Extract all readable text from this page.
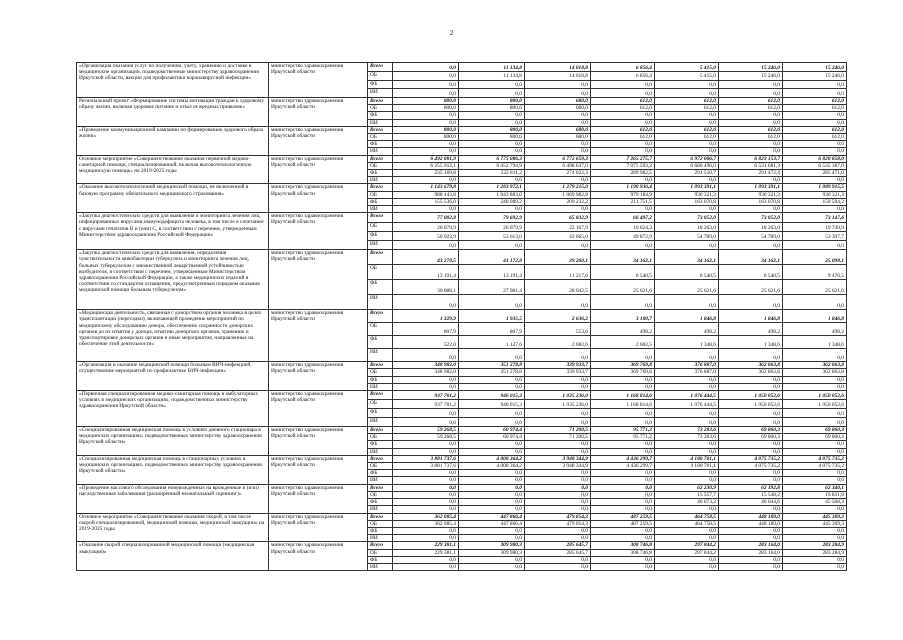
2
«Организация оказания услуг по получению, учету, хранению и доставке в медицинские организации, подведомственные министерству здравоохранения Иркутской области, вакцин для профилактики коронавирусной инфекции»	министерство здравоохранения Иркутской области	Всего	0,0	11 134,8	14 018,8	6 856,4	5 415,0	15 246,0	15 246,0
		ОБ	0,0	11 134,8	14 018,8	6 856,4	5 415,0	15 246,0	15 246,0
		ФБ	0,0	0,0	0,0	0,0	0,0	0,0	0,0
		ИИ	0,0	0,0	0,0	0,0	0,0	0,0	0,0
Региональный проект «Формирование системы мотивации граждан к здоровому образу жизни, включая здоровое питание и отказ от вредных привычек»	министерство здравоохранения Иркутской области	Всего	800,0	800,0	680,0	612,0	612,0	612,0	612,0
		ОБ	800,0	800,0	680,0	612,0	612,0	612,0	612,0
		ФБ	0,0	0,0	0,0	0,0	0,0	0,0	0,0
		ИИ	0,0	0,0	0,0	0,0	0,0	0,0	0,0
«Проведение коммуникационной кампании по формированию здорового образа жизни»	министерство здравоохранения Иркутской области	Всего	800,0	800,0	680,0	612,0	612,0	612,0	612,0
		ОБ	800,0	800,0	680,0	612,0	612,0	612,0	612,0
		ФБ	0,0	0,0	0,0	0,0	0,0	0,0	0,0
		ИИ	0,0	0,0	0,0	0,0	0,0	0,0	0,0
Основное мероприятие «Совершенствование оказания первичной медико-санитарной помощи, специализированной, включая высокотехнологичную медицинскую помощь» на 2019-2025 годы	министерство здравоохранения Иркутской области	Всего	6 492 081,9	6 775 086,3	6 772 659,3	7 265 275,7	6 972 006,7	6 823 153,7	6 820 858,0
		ОБ	6 255 912,1	6 452 794,9	6 498 637,0	7 075 593,2	6 680 496,0	6 531 681,3	6 535 387,0
		ФБ	235 169,8	322 811,2	274 022,3	289 982,5	291 510,7	291 472,4	285 471,0
		ИИ	0,0	0,0	0,0	0,0	0,0	0,0	0,0
«Оказание высокотехнологичной медицинской помощи, не включенной в базовую программу обязательного медицинского страхования»	министерство здравоохранения Иркутской области	Всего	1 143 679,8	1 283 972,1	1 279 215,0	1 190 936,4	1 093 391,1	1 093 391,1	1 089 915,5
		ОБ	988 143,8	1 043 883,0	1 069 982,8	979 184,9	930 321,3	930 321,3	930 321,3
		ФБ	155 536,0	240 089,2	209 232,2	211 751,5	163 070,8	163 070,8	159 594,2
		ИИ	0,0	0,0	0,0	0,0	0,0	0,0	0,0
«Закупка диагностических средств для выявления и мониторинга лечения лиц, инфицированных вирусами иммунодефицита человека, в том числе в сочетании с вирусами гепатитов В и (или) С, в соответствии с перечнем, утвержденным Министерством здравоохранения Российской Федерации»	министерство здравоохранения Иркутской области	Всего	77 002,8	79 692,9	65 832,9	66 497,2	73 052,0	73 052,0	73 147,6
		ОБ	26 079,9	26 079,9	22 167,9	16 624,3	18 263,0	18 263,0	19 749,9
		ФБ	50 923,9	53 613,0	43 665,0	49 872,9	54 789,0	54 789,0	53 397,7
		ИИ	0,0	0,0	0,0	0,0	0,0	0,0	0,0
«Закупка диагностических средств для выявления, определения чувствительности микобактерии туберкулеза и мониторинга лечения лиц, больных туберкулезом с множественной лекарственной устойчивостью возбудителя, в соответствии с перечнем, утвержденным Министерством здравоохранения Российской Федерации, а также медицинских изделий в соответствии со стандартом оснащения, предусмотренным порядком оказания медицинской помощи больным туберкулезом»	министерство здравоохранения Иркутской области	Всего	43 279,5	41 172,8	39 260,1	34 162,1	34 162,1	34 162,1	35 098,1
		ОБ	13 191,4	13 191,4	11 217,6	8 540,5	8 540,5	8 540,5	9 476,5
		ФБ	30 088,1	27 981,4	28 042,5	25 621,6	25 621,6	25 621,6	25 621,6
		ИИ	0,0	0,0	0,0	0,0	0,0	0,0	0,0
«Медицинская деятельность, связанная с донорством органов человека в целях трансплантации (пересадки), включающей проведение мероприятий по медицинскому обследованию донора, обеспечению сохранности донорских органов до их изъятия у донора, изъятию донорских органов, хранению и транспортировке донорских органов и иные мероприятия, направленные на обеспечение этой деятельности»	министерство здравоохранения Иркутской области	Всего	1 329,9	1 935,5	2 636,2	3 100,7	1 846,8	1 846,8	1 846,8
		ОБ	807,9	807,9	553,6	498,2	498,2	498,2	498,2
		ФБ	522,0	1 127,6	2 082,6	2 602,5	1 348,6	1 348,6	1 348,6
		ИИ	0,0	0,0	0,0	0,0	0,0	0,0	0,0
«Организация и оказание медицинской помощи больным ВИЧ-инфекцией, осуществление мероприятий по профилактике ВИЧ-инфекции»	министерство здравоохранения Иркутской области	Всего	348 982,0	351 278,8	339 933,7	369 769,8	376 887,0	362 863,8	362 863,8
		ОБ	348 982,0	351 278,8	339 933,7	369 769,8	376 887,0	362 863,8	362 863,8
		ФБ	0,0	0,0	0,0	0,0	0,0	0,0	0,0
		ИИ	0,0	0,0	0,0	0,0	0,0	0,0	0,0
«Первичная специализированная медико-санитарная помощь в амбулаторных условиях в медицинских организациях, подведомственных министерству здравоохранения Иркутской области»	министерство здравоохранения Иркутской области	Всего	937 701,2	946 015,3	1 035 236,0	1 168 814,6	1 076 444,5	1 050 052,6	1 050 052,6
		ОБ	937 701,2	946 015,3	1 035 236,0	1 168 814,6	1 076 444,5	1 050 052,6	1 050 052,6
		ФБ	0,0	0,0	0,0	0,0	0,0	0,0	0,0
		ИИ	0,0	0,0	0,0	0,0	0,0	0,0	0,0
«Специализированная медицинская помощь в условиях дневного стационара в медицинских организациях, подведомственных министерству здравоохранения Иркутской области»	министерство здравоохранения Иркутской области	Всего	59 268,5	60 974,4	71 200,5	95 771,2	73 283,6	69 860,3	69 860,3
		ОБ	59 268,5	60 974,4	71 200,5	95 771,2	73 283,6	69 860,3	69 860,3
		ФБ	0,0	0,0	0,0	0,0	0,0	0,0	0,0
		ИИ	0,0	0,0	0,0	0,0	0,0	0,0	0,0
«Специализированная медицинская помощь в стационарных условиях в медицинских организациях, подведомственных министерству здравоохранения Иркутской области»	министерство здравоохранения Иркутской области	Всего	3 881 737,6	4 008 364,2	3 948 344,9	4 436 299,7	4 180 701,1	4 075 735,2	4 075 735,2
		ОБ	3 881 737,6	4 008 364,2	3 948 344,9	4 436 299,7	4 180 701,1	4 075 735,2	4 075 735,2
		ФБ	0,0	0,0	0,0	0,0	0,0	0,0	0,0
		ИИ	0,0	0,0	0,0	0,0	0,0	0,0	0,0
«Проведение массового обследования новорожденных на врожденные и (или) наследственные заболевания (расширенный неонатальный скрининг)»	министерство здравоохранения Иркутской области	Всего	0,0	0,0	0,0	0,0	62 230,9	62 192,8	62 340,1
		ОБ	0,0	0,0	0,0	0,0	15 557,7	15 548,2	16 831,8
		ФБ	0,0	0,0	0,0	0,0	46 673,2	46 644,6	45 508,3
		ИИ	0,0	0,0	0,0	0,0	0,0	0,0	0,0
Основное мероприятие «Совершенствование оказания скорой, в том числе скорой специализированной, медицинской помощи, медицинской эвакуации» на 2019-2025 годы	министерство здравоохранения Иркутской области	Всего	362 085,4	447 866,4	479 054,3	487 259,5	464 758,5	448 189,0	445 309,3
		ОБ	362 085,4	447 866,4	479 054,3	487 259,5	464 758,5	448 189,0	445 309,3
		ФБ	0,0	0,0	0,0	0,0	0,0	0,0	0,0
		ИИ	0,0	0,0	0,0	0,0	0,0	0,0	0,0
«Оказание скорой специализированной медицинской помощи (медицинская эвакуация)»	министерство здравоохранения Иркутской области	Всего	229 381,1	309 980,3	285 645,7	308 746,8	297 844,2	283 164,0	283 284,9
		ОБ	229 381,1	309 980,3	285 645,7	308 746,8	297 844,2	283 164,0	283 284,9
		ФБ	0,0	0,0	0,0	0,0	0,0	0,0	0,0
		ИИ	0,0	0,0	0,0	0,0	0,0	0,0	0,0
